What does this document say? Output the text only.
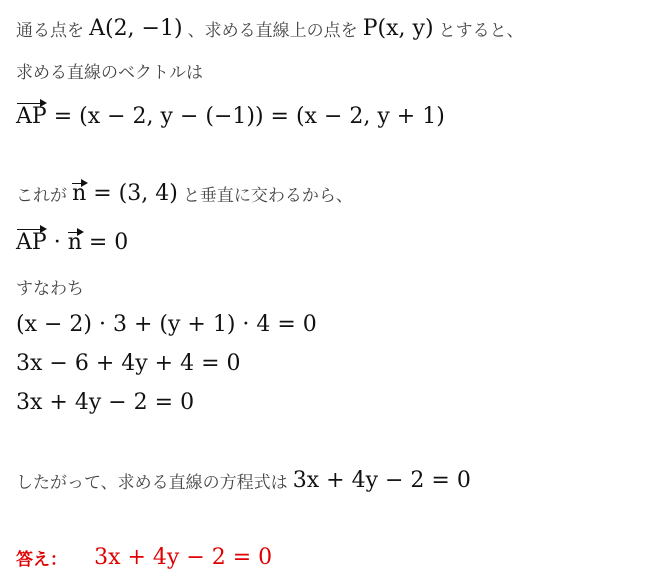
通る点を A(2, −1) 、求める直線上の点を P(x, y) とすると、
求める直線のベクトルは
AP = (x − 2, y − (−1)) = (x − 2, y + 1)
これが n = (3, 4) と垂直に交わるから、
AP · n = 0
すなわち
(x − 2) · 3 + (y + 1) · 4 = 0
3x − 6 + 4y + 4 = 0
3x + 4y − 2 = 0
したがって、求める直線の方程式は 3x + 4y − 2 = 0
答え： 3x + 4y − 2 = 0
